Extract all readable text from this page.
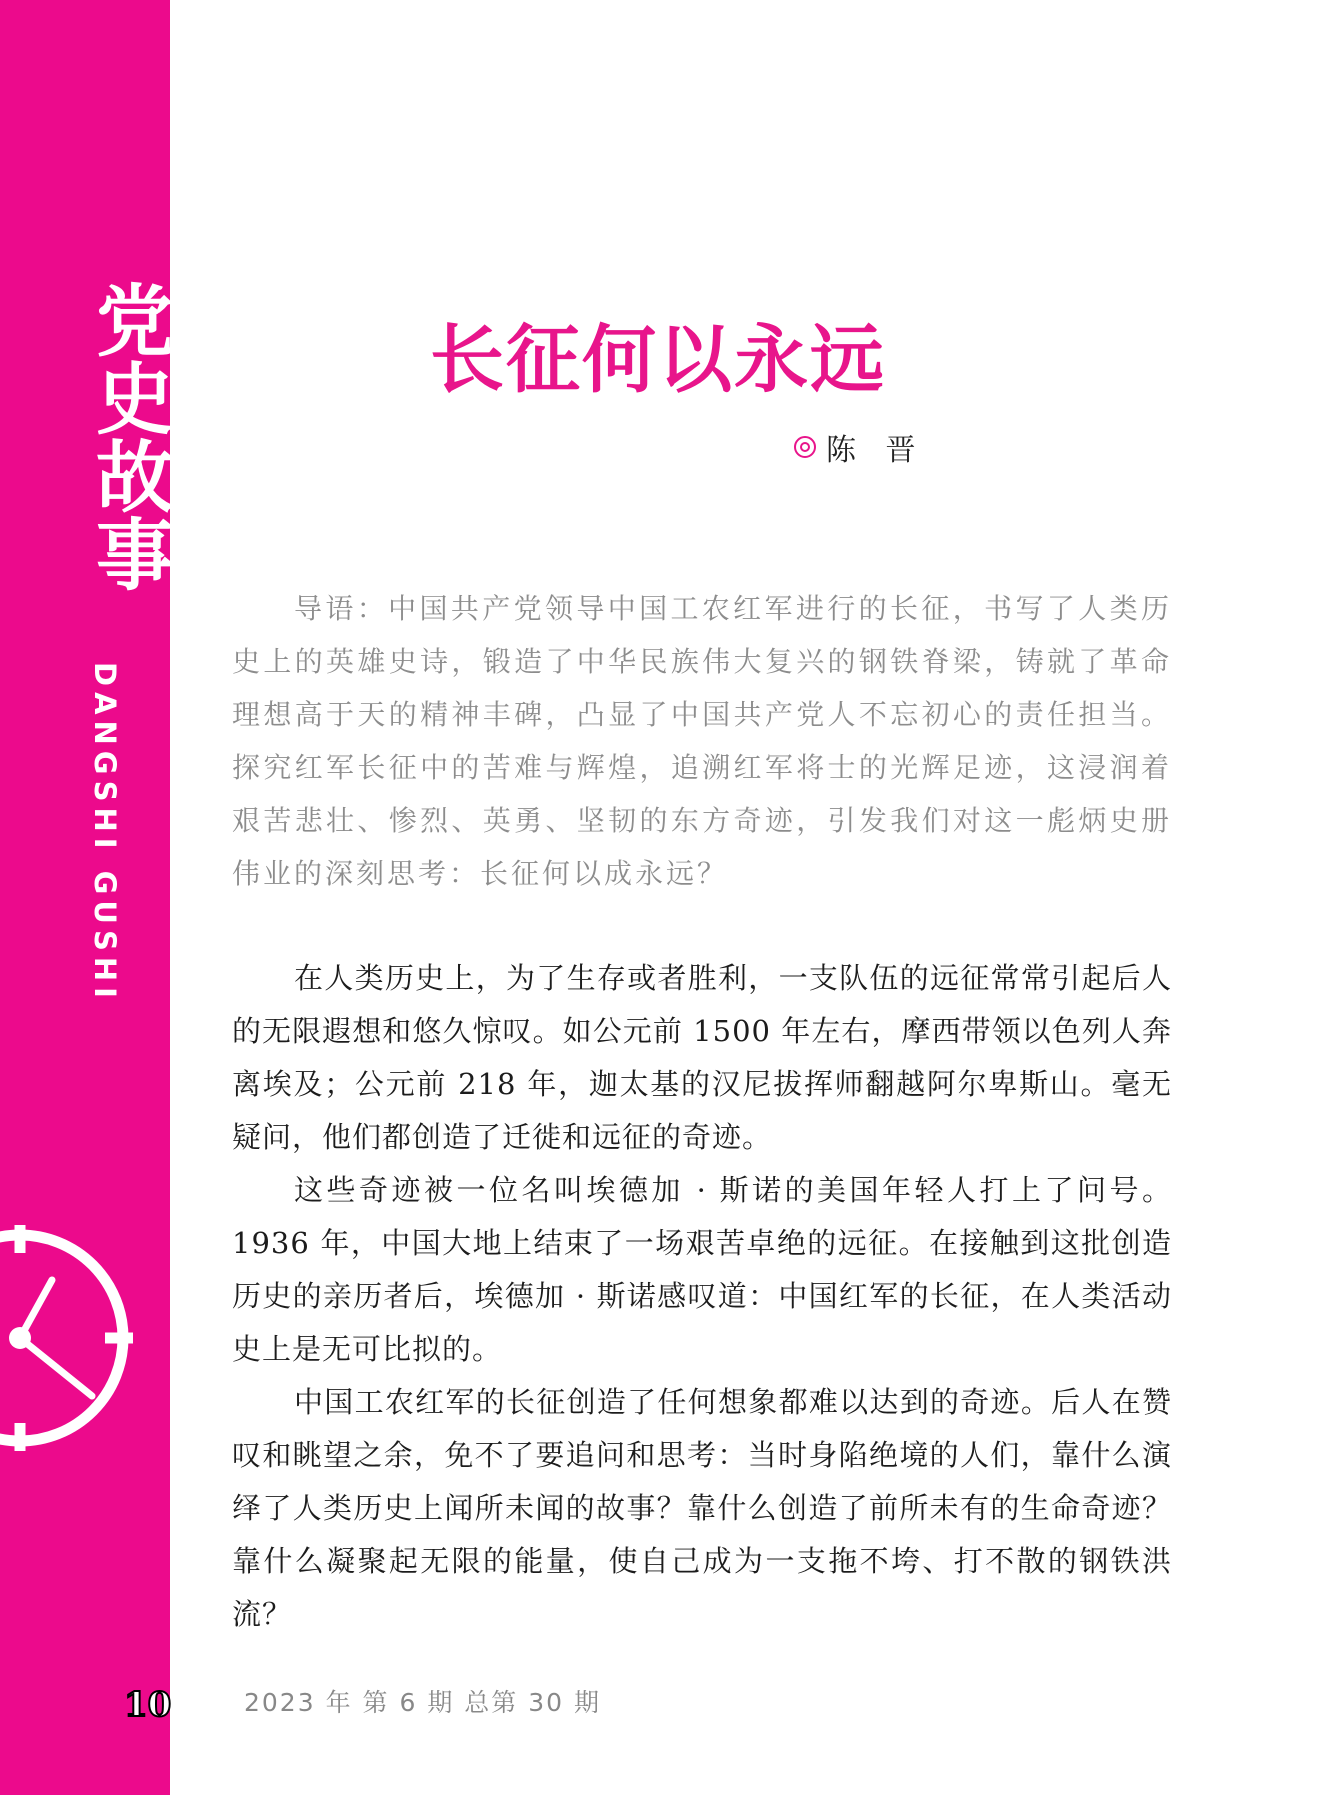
党史故事
DANGSHI GUSHI
10
长征何以永远
陈 晋

导语：中国共产党领导中国工农红军进行的长征，书写了人类历史上的英雄史诗，锻造了中华民族伟大复兴的钢铁脊梁，铸就了革命理想高于天的精神丰碑，凸显了中国共产党人不忘初心的责任担当。探究红军长征中的苦难与辉煌，追溯红军将士的光辉足迹，这浸润着艰苦悲壮、惨烈、英勇、坚韧的东方奇迹，引发我们对这一彪炳史册伟业的深刻思考：长征何以成永远？

在人类历史上，为了生存或者胜利，一支队伍的远征常常引起后人的无限遐想和悠久惊叹。如公元前 1500 年左右，摩西带领以色列人奔离埃及；公元前 218 年，迦太基的汉尼拔挥师翻越阿尔卑斯山。毫无疑问，他们都创造了迁徙和远征的奇迹。

这些奇迹被一位名叫埃德加 · 斯诺的美国年轻人打上了问号。1936 年，中国大地上结束了一场艰苦卓绝的远征。在接触到这批创造历史的亲历者后，埃德加 · 斯诺感叹道：中国红军的长征，在人类活动史上是无可比拟的。

中国工农红军的长征创造了任何想象都难以达到的奇迹。后人在赞叹和眺望之余，免不了要追问和思考：当时身陷绝境的人们，靠什么演绎了人类历史上闻所未闻的故事？靠什么创造了前所未有的生命奇迹？靠什么凝聚起无限的能量，使自己成为一支拖不垮、打不散的钢铁洪流？

2023 年 第 6 期 总第 30 期
